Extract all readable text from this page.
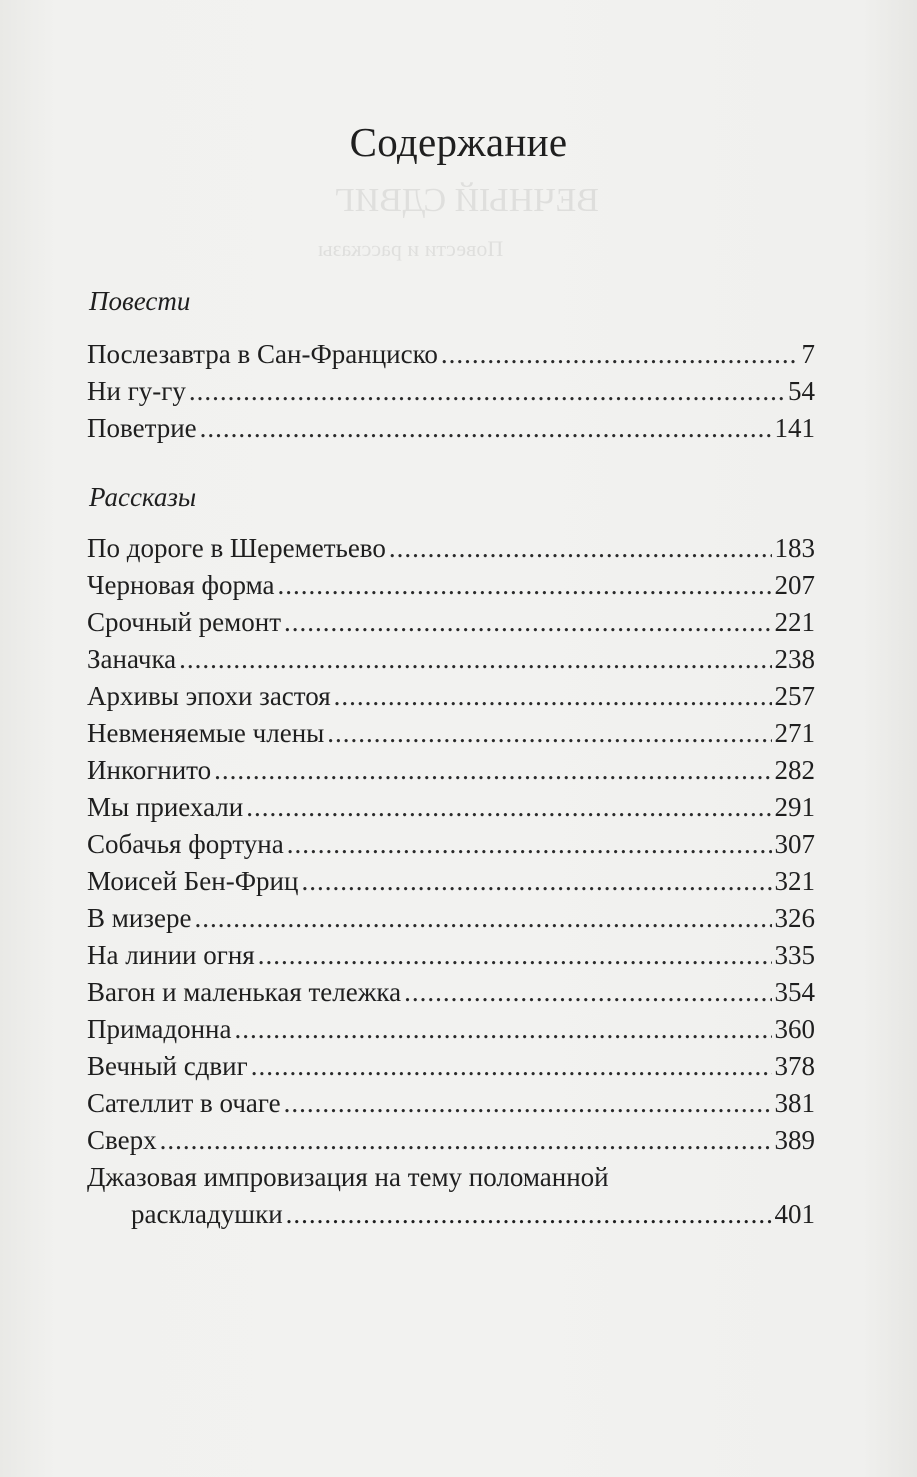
ВЕЧНЫЙ СДВИГ
Повести и рассказы
Содержание
Повести
Послезавтра в Сан-Франциско .....	7
Ни гу-гу .....	54
Поветрие .....	141
Рассказы
По дороге в Шереметьево .....	183
Черновая форма .....	207
Срочный ремонт .....	221
Заначка .....	238
Архивы эпохи застоя .....	257
Невменяемые члены .....	271
Инкогнито .....	282
Мы приехали .....	291
Собачья фортуна .....	307
Моисей Бен-Фриц .....	321
В мизере .....	326
На линии огня .....	335
Вагон и маленькая тележка .....	354
Примадонна .....	360
Вечный сдвиг .....	378
Сателлит в очаге .....	381
Сверх .....	389
Джазовая импровизация на тему поломанной
раскладушки .....	401
